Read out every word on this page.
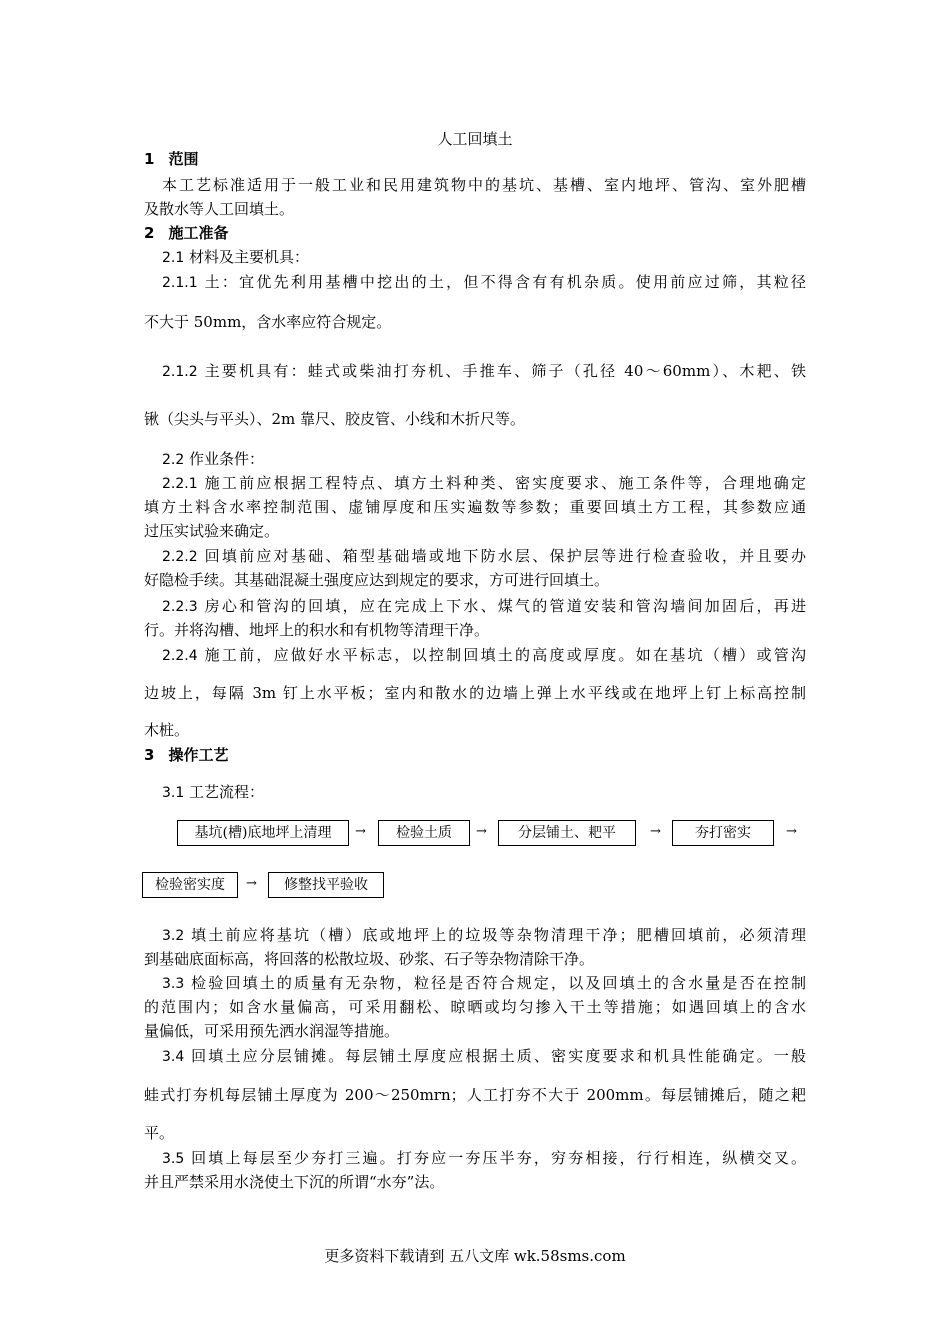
人工回填土
1 范围
本工艺标准适用于一般工业和民用建筑物中的基坑、基槽、室内地坪、管沟、室外肥槽
及散水等人工回填土。
2 施工准备
2.1 材料及主要机具：
2.1.1 土：宜优先利用基槽中挖出的土，但不得含有有机杂质。使用前应过筛，其粒径
不大于 50mm，含水率应符合规定。
2.1.2 主要机具有：蛙式或柴油打夯机、手推车、筛子（孔径 40～60mm）、木耙、铁
锹（尖头与平头）、2m 靠尺、胶皮管、小线和木折尺等。
2.2 作业条件：
2.2.1 施工前应根据工程特点、填方土料种类、密实度要求、施工条件等，合理地确定
填方土料含水率控制范围、虚铺厚度和压实遍数等参数；重要回填土方工程，其参数应通
过压实试验来确定。
2.2.2 回填前应对基础、箱型基础墙或地下防水层、保护层等进行检查验收，并且要办
好隐检手续。其基础混凝土强度应达到规定的要求，方可进行回填土。
2.2.3 房心和管沟的回填，应在完成上下水、煤气的管道安装和管沟墙间加固后，再进
行。并将沟槽、地坪上的积水和有机物等清理干净。
2.2.4 施工前，应做好水平标志，以控制回填土的高度或厚度。如在基坑（槽）或管沟
边坡上，每隔 3m 钉上水平板；室内和散水的边墙上弹上水平线或在地坪上钉上标高控制
木桩。
3 操作工艺
3.1 工艺流程：
基坑(槽)底地坪上清理	→	检验土质	→	分层铺土、耙平	→	夯打密实	→
检验密实度	→	修整找平验收
3.2 填土前应将基坑（槽）底或地坪上的垃圾等杂物清理干净；肥槽回填前，必须清理
到基础底面标高，将回落的松散垃圾、砂浆、石子等杂物清除干净。
3.3 检验回填土的质量有无杂物，粒径是否符合规定，以及回填土的含水量是否在控制
的范围内；如含水量偏高，可采用翻松、晾晒或均匀掺入干土等措施；如遇回填上的含水
量偏低，可采用预先洒水润湿等措施。
3.4 回填土应分层铺摊。每层铺土厚度应根据土质、密实度要求和机具性能确定。一般
蛙式打夯机每层铺土厚度为 200～250mrn；人工打夯不大于 200mm。每层铺摊后，随之耙
平。
3.5 回填上每层至少夯打三遍。打夯应一夯压半夯，穷夯相接，行行相连，纵横交叉。
并且严禁采用水浇使土下沉的所谓“水夯”法。
更多资料下载请到 五八文库 wk.58sms.com
